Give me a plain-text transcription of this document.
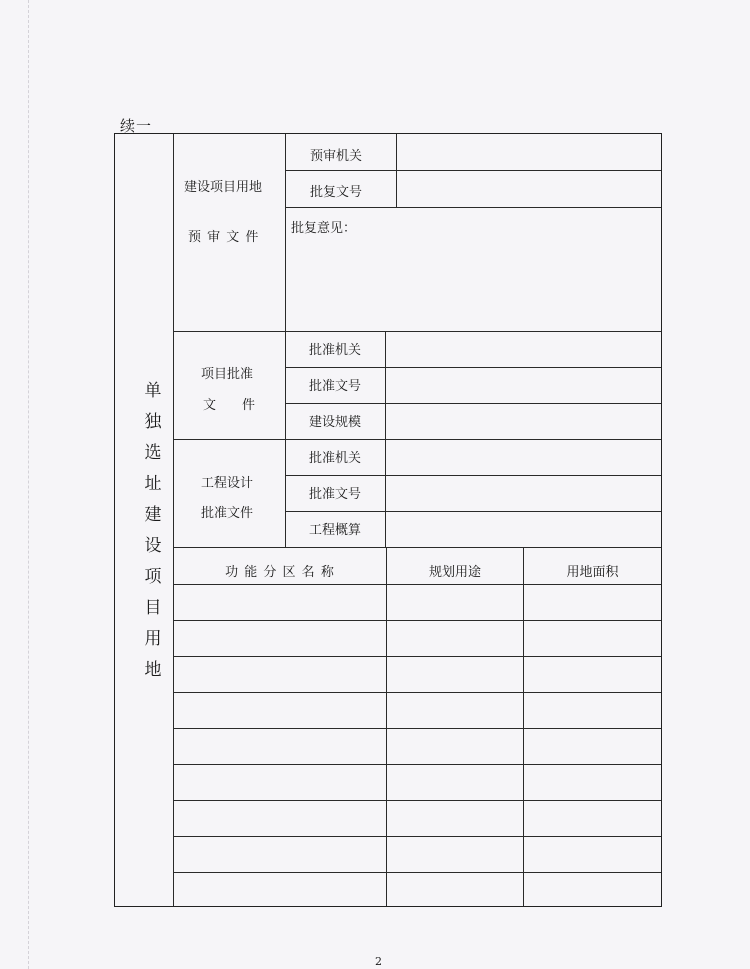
续一
单独选址建设项目用地
建设项目用地
预 审 文 件
预审机关
批复文号
批复意见：
项目批准
文　　件
批准机关
批准文号
建设规模
工程设计
批准文件
批准机关
批准文号
工程概算
功 能 分 区 名 称	规划用途	用地面积
2
